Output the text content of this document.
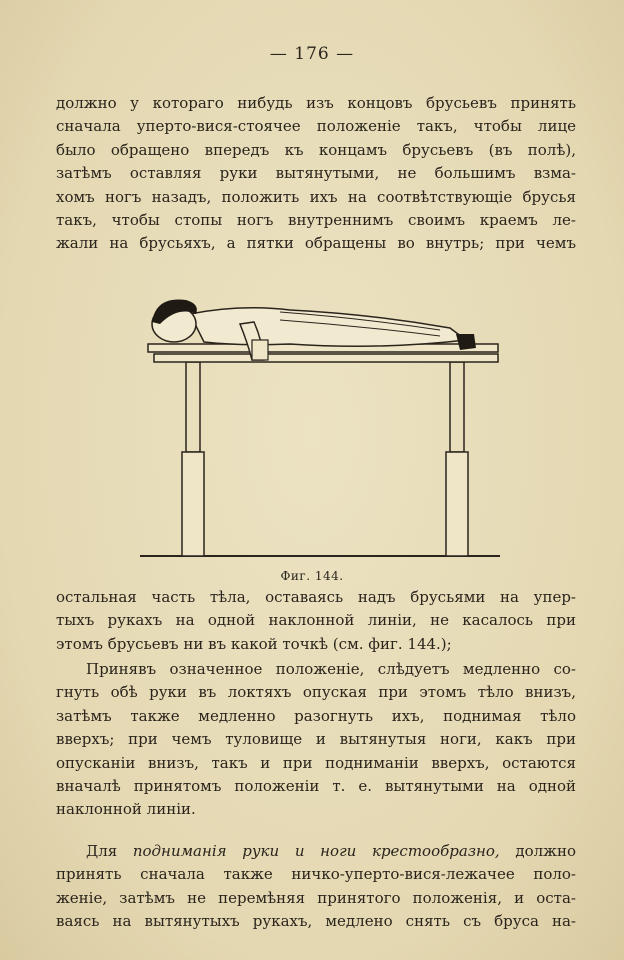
— 176 —
должно у котораго нибудь изъ концовъ брусьевъ принять
сначала уперто-вися-стоячее положеніе такъ, чтобы лице
было обращено впередъ къ концамъ брусьевъ (въ полѣ),
затѣмъ оставляя руки вытянутыми, не большимъ взма-
хомъ ногъ назадъ, положить ихъ на соотвѣтствующіе брусья
такъ, чтобы стопы ногъ внутреннимъ своимъ краемъ ле-
жали на брусьяхъ, а пятки обращены во внутрь; при чемъ
Фиг. 144.
остальная часть тѣла, оставаясь надъ брусьями на упер-
тыхъ рукахъ на одной наклонной линіи, не касалось при
этомъ брусьевъ ни въ какой точкѣ (см. фиг. 144.);
Принявъ означенное положеніе, слѣдуетъ медленно со-
гнуть обѣ руки въ локтяхъ опуская при этомъ тѣло внизъ,
затѣмъ также медленно разогнуть ихъ, поднимая тѣло
вверхъ; при чемъ туловище и вытянутыя ноги, какъ при
опусканіи внизъ, такъ и при подниманіи вверхъ, остаются
вначалѣ принятомъ положеніи т. е. вытянутыми на одной
наклонной линіи.
Для подниманія руки и ноги крестообразно, должно
принять сначала также ничко-уперто-вися-лежачее поло-
женіе, затѣмъ не перемѣняя принятого положенія, и оста-
ваясь на вытянутыхъ рукахъ, медлено снять съ бруса на-
